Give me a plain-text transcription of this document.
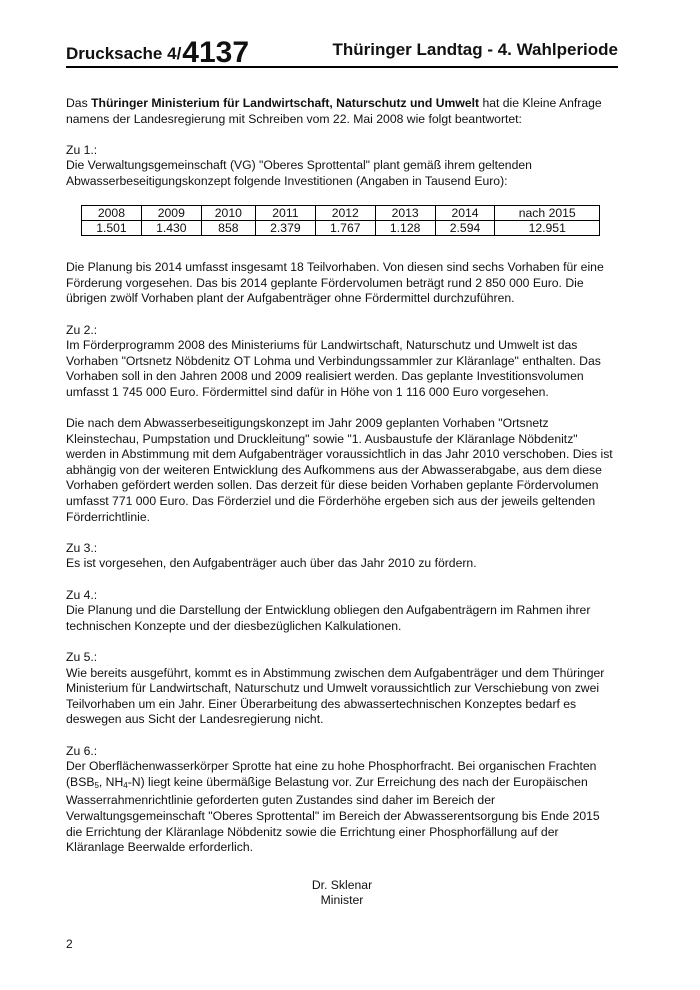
Drucksache 4/4137	Thüringer Landtag - 4. Wahlperiode

Das Thüringer Ministerium für Landwirtschaft, Naturschutz und Umwelt hat die Kleine Anfrage namens der Landesregierung mit Schreiben vom 22. Mai 2008 wie folgt beantwortet:

Zu 1.:

Die Verwaltungsgemeinschaft (VG) "Oberes Sprottental" plant gemäß ihrem geltenden Abwasserbeseitigungskonzept folgende Investitionen (Angaben in Tausend Euro):

2008	2009	2010	2011	2012	2013	2014	nach 2015
1.501	1.430	858	2.379	1.767	1.128	2.594	12.951

Die Planung bis 2014 umfasst insgesamt 18 Teilvorhaben. Von diesen sind sechs Vorhaben für eine Förderung vorgesehen. Das bis 2014 geplante Fördervolumen beträgt rund 2 850 000 Euro. Die übrigen zwölf Vorhaben plant der Aufgabenträger ohne Fördermittel durchzuführen.

Zu 2.:

Im Förderprogramm 2008 des Ministeriums für Landwirtschaft, Naturschutz und Umwelt ist das Vorhaben "Ortsnetz Nöbdenitz OT Lohma und Verbindungssammler zur Kläranlage" enthalten. Das Vorhaben soll in den Jahren 2008 und 2009 realisiert werden. Das geplante Investitionsvolumen umfasst 1 745 000 Euro. Fördermittel sind dafür in Höhe von 1 116 000 Euro vorgesehen.

Die nach dem Abwasserbeseitigungskonzept im Jahr 2009 geplanten Vorhaben "Ortsnetz Kleinstechau, Pumpstation und Druckleitung" sowie "1. Ausbaustufe der Kläranlage Nöbdenitz" werden in Abstimmung mit dem Aufgabenträger voraussichtlich in das Jahr 2010 verschoben. Dies ist abhängig von der weiteren Entwicklung des Aufkommens aus der Abwasserabgabe, aus dem diese Vorhaben gefördert werden sollen. Das derzeit für diese beiden Vorhaben geplante Fördervolumen umfasst 771 000 Euro. Das Förderziel und die Förderhöhe ergeben sich aus der jeweils geltenden Förderrichtlinie.

Zu 3.:

Es ist vorgesehen, den Aufgabenträger auch über das Jahr 2010 zu fördern.

Zu 4.:

Die Planung und die Darstellung der Entwicklung obliegen den Aufgabenträgern im Rahmen ihrer technischen Konzepte und der diesbezüglichen Kalkulationen.

Zu 5.:

Wie bereits ausgeführt, kommt es in Abstimmung zwischen dem Aufgabenträger und dem Thüringer Ministerium für Landwirtschaft, Naturschutz und Umwelt voraussichtlich zur Verschiebung von zwei Teilvorhaben um ein Jahr. Einer Überarbeitung des abwassertechnischen Konzeptes bedarf es deswegen aus Sicht der Landesregierung nicht.

Zu 6.:

Der Oberflächenwasserkörper Sprotte hat eine zu hohe Phosphorfracht. Bei organischen Frachten ($BSB_5$, $NH_4-N$) liegt keine übermäßige Belastung vor. Zur Erreichung des nach der Europäischen Wasserrahmenrichtlinie geforderten guten Zustandes sind daher im Bereich der Verwaltungsgemeinschaft "Oberes Sprottental" im Bereich der Abwasserentsorgung bis Ende 2015 die Errichtung der Kläranlage Nöbdenitz sowie die Errichtung einer Phosphorfällung auf der Kläranlage Beerwalde erforderlich.

Dr. Sklenar
Minister
2
